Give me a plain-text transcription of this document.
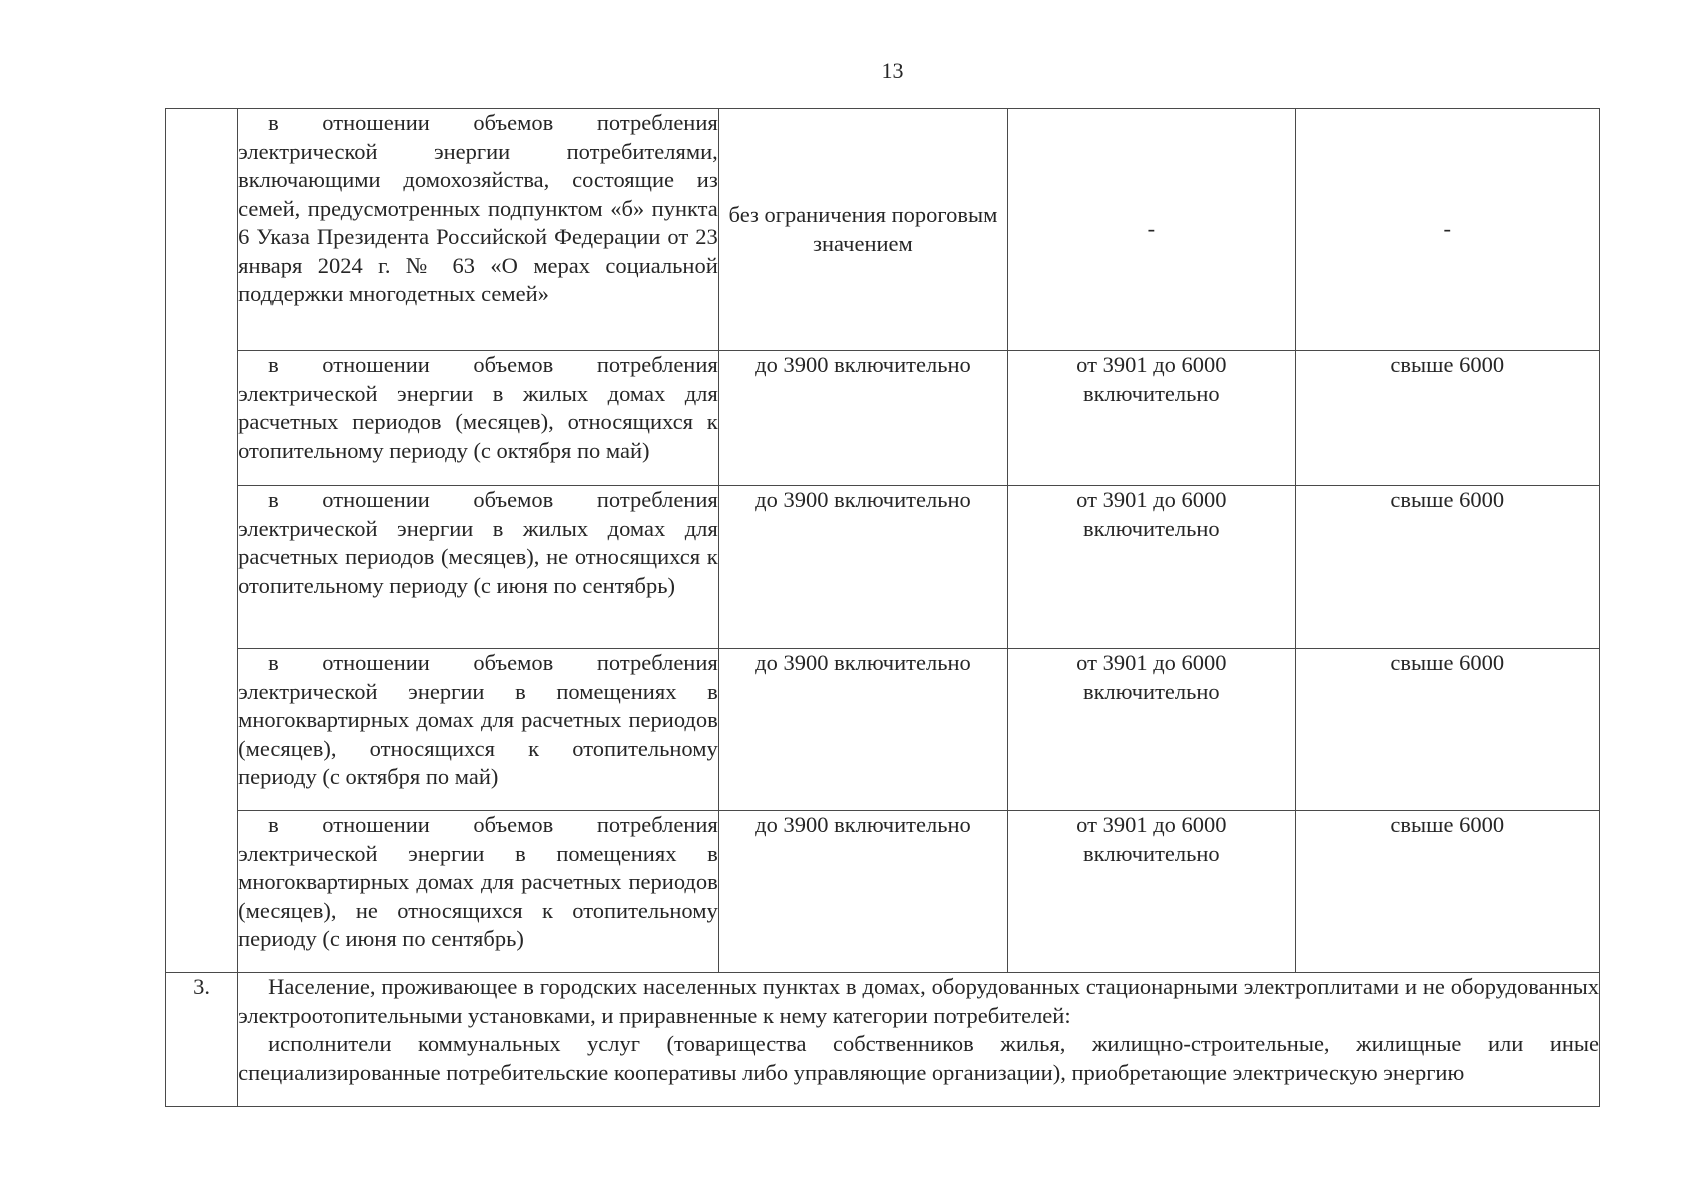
13
	в отношении объемов потребления электрической энергии потребителями, включающими домохозяйства, состоящие из семей, предусмотренных подпунктом «б» пункта 6 Указа Президента Российской Федерации от 23 января 2024 г. № 63 «О мерах социальной поддержки многодетных семей»	без ограничения пороговым значением	-	-
	в отношении объемов потребления электрической энергии в жилых домах для расчетных периодов (месяцев), относящихся к отопительному периоду (с октября по май)	до 3900 включительно	от 3901 до 6000 включительно	свыше 6000
	в отношении объемов потребления электрической энергии в жилых домах для расчетных периодов (месяцев), не относящихся к отопительному периоду (с июня по сентябрь)	до 3900 включительно	от 3901 до 6000 включительно	свыше 6000
	в отношении объемов потребления электрической энергии в помещениях в многоквартирных домах для расчетных периодов (месяцев), относящихся к отопительному периоду (с октября по май)	до 3900 включительно	от 3901 до 6000 включительно	свыше 6000
	в отношении объемов потребления электрической энергии в помещениях в многоквартирных домах для расчетных периодов (месяцев), не относящихся к отопительному периоду (с июня по сентябрь)	до 3900 включительно	от 3901 до 6000 включительно	свыше 6000
3.	Население, проживающее в городских населенных пунктах в домах, оборудованных стационарными электроплитами и не оборудованных электроотопительными установками, и приравненные к нему категории потребителей:

исполнители коммунальных услуг (товарищества собственников жилья, жилищно-строительные, жилищные или иные специализированные потребительские кооперативы либо управляющие организации), приобретающие электрическую энергию			
